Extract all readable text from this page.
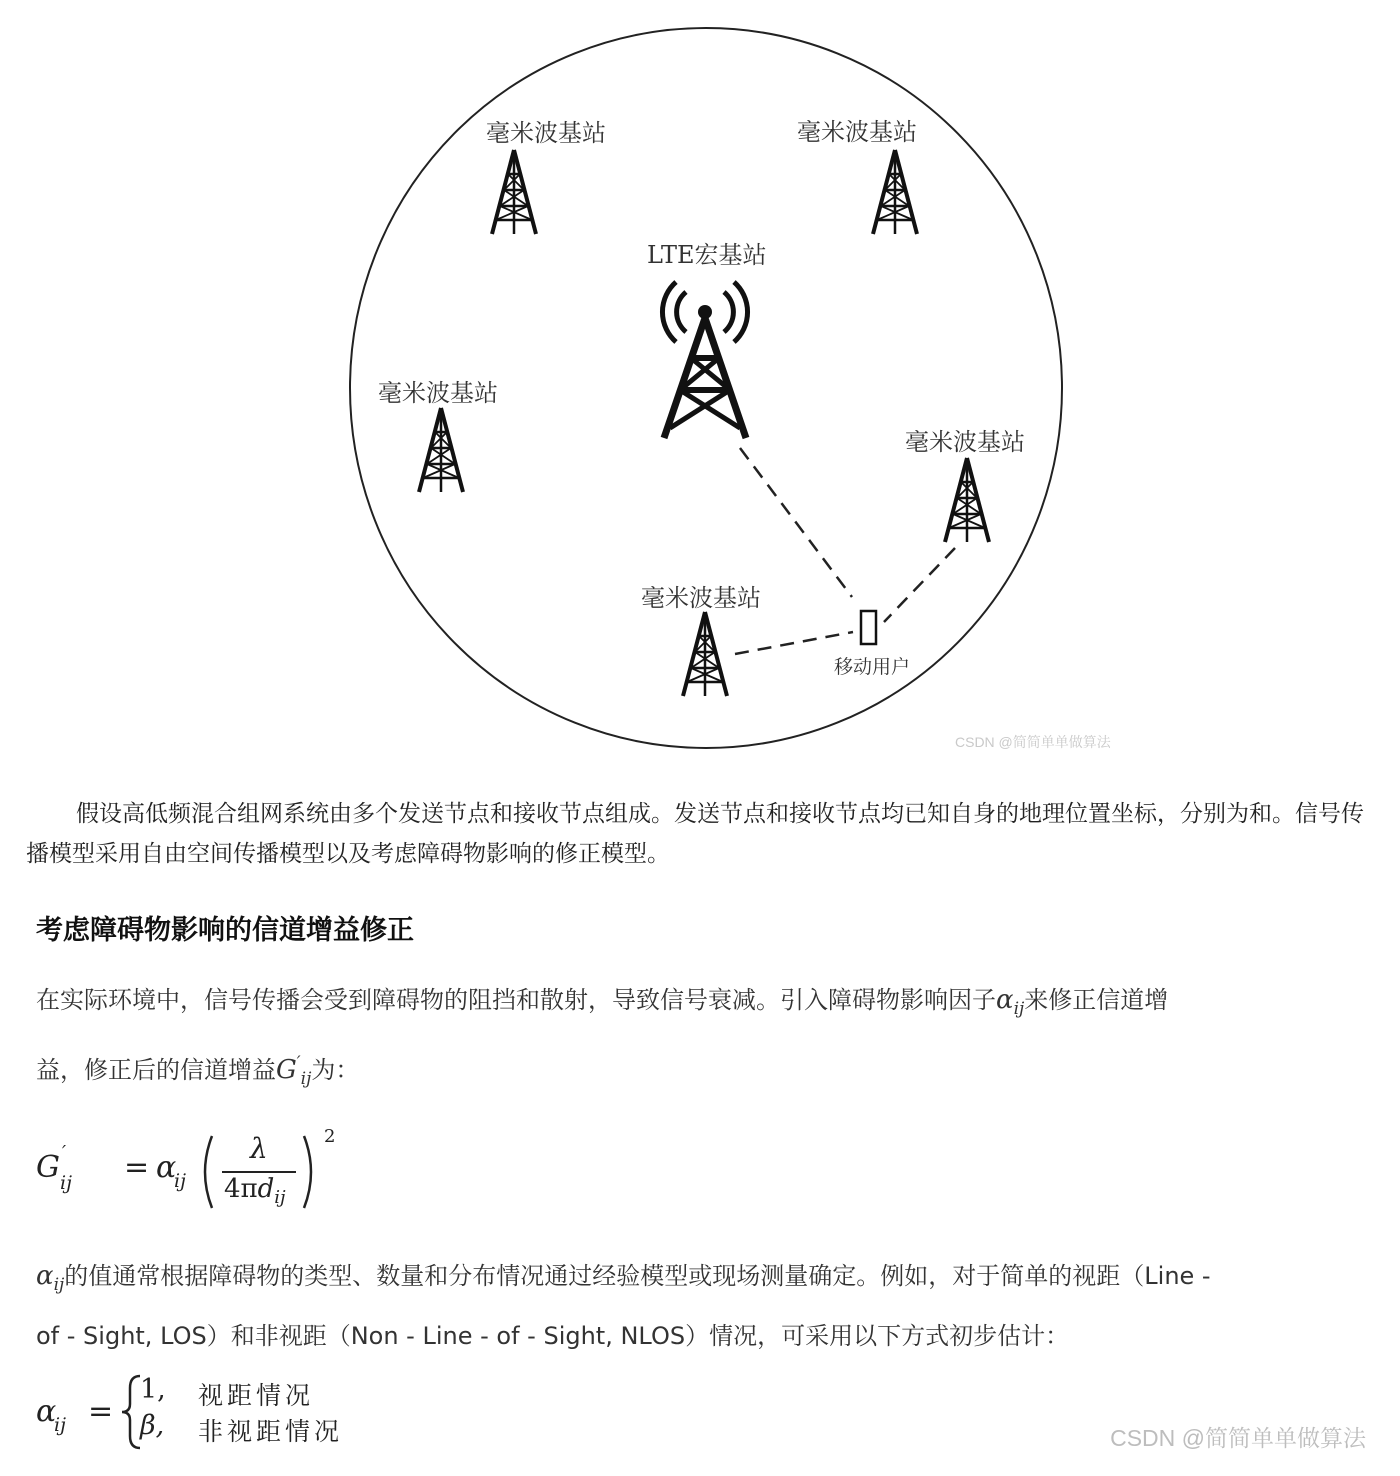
毫米波基站	毫米波基站
LTE宏基站
毫米波基站
毫米波基站
毫米波基站
移动用户
CSDN @简简单单做算法

假设高低频混合组网系统由多个发送节点和接收节点组成。发送节点和接收节点均已知自身的地理位置坐标，分别为和。信号传播模型采用自由空间传播模型以及考虑障碍物影响的修正模型。

考虑障碍物影响的信道增益修正

在实际环境中，信号传播会受到障碍物的阻挡和散射，导致信号衰减。引入障碍物影响因子$\alpha_{ij}$来修正信道增

益，修正后的信道增益$G'_{ij}$为：

G ′
ij = α
ij
λ
$4\pi d_{ij}$
2

$\alpha_{ij}$的值通常根据障碍物的类型、数量和分布情况通过经验模型或现场测量确定。例如，对于简单的视距（Line -

of - Sight, LOS）和非视距（Non - Line - of - Sight, NLOS）情况，可采用以下方式初步估计：

α
ij =
1, 视距情况
β, 非视距情况	CSDN @简简单单做算法
